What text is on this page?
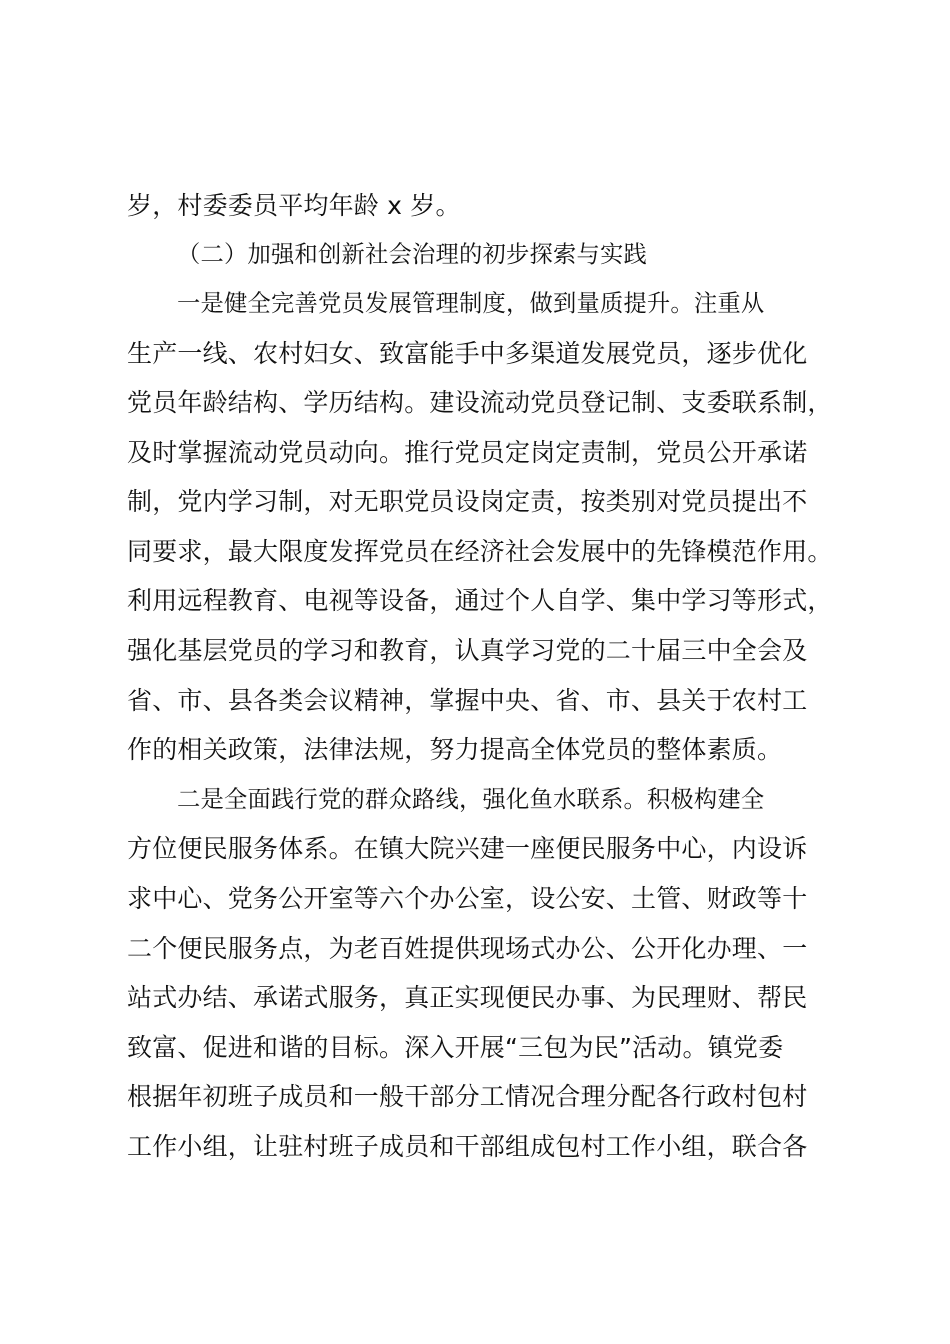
岁，村委委员平均年龄 x 岁。
（二）加强和创新社会治理的初步探索与实践
一是健全完善党员发展管理制度，做到量质提升。注重从
生产一线、农村妇女、致富能手中多渠道发展党员，逐步优化
党员年龄结构、学历结构。建设流动党员登记制、支委联系制，
及时掌握流动党员动向。推行党员定岗定责制，党员公开承诺
制，党内学习制，对无职党员设岗定责，按类别对党员提出不
同要求，最大限度发挥党员在经济社会发展中的先锋模范作用。
利用远程教育、电视等设备，通过个人自学、集中学习等形式，
强化基层党员的学习和教育，认真学习党的二十届三中全会及
省、市、县各类会议精神，掌握中央、省、市、县关于农村工
作的相关政策，法律法规，努力提高全体党员的整体素质。
二是全面践行党的群众路线，强化鱼水联系。积极构建全
方位便民服务体系。在镇大院兴建一座便民服务中心，内设诉
求中心、党务公开室等六个办公室，设公安、土管、财政等十
二个便民服务点，为老百姓提供现场式办公、公开化办理、一
站式办结、承诺式服务，真正实现便民办事、为民理财、帮民
致富、促进和谐的目标。深入开展“三包为民”活动。镇党委
根据年初班子成员和一般干部分工情况合理分配各行政村包村
工作小组，让驻村班子成员和干部组成包村工作小组，联合各
